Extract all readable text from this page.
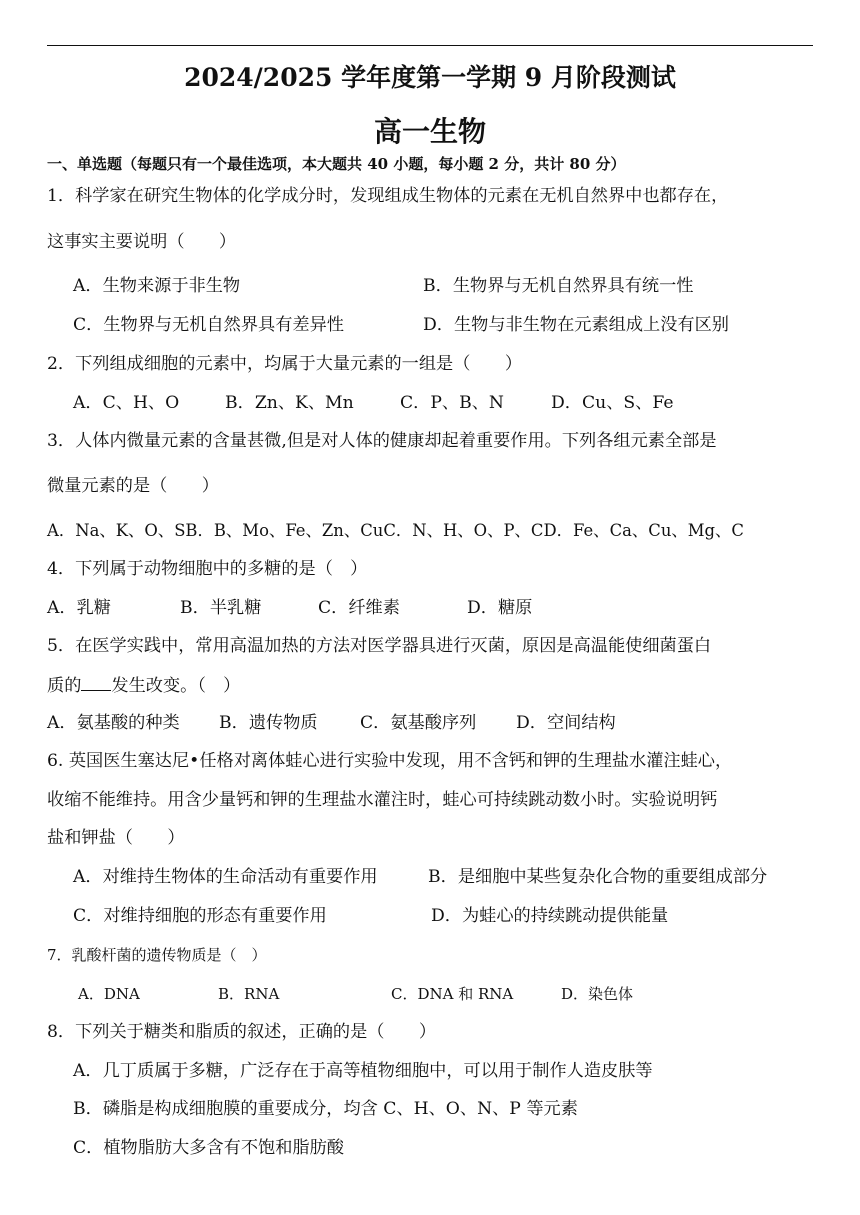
2024/2025 学年度第一学期 9 月阶段测试
高一生物
一、单选题（每题只有一个最佳选项，本大题共 40 小题，每小题 2 分，共计 80 分）
1．科学家在研究生物体的化学成分时，发现组成生物体的元素在无机自然界中也都存在，
这事实主要说明（　　）
A．生物来源于非生物	B．生物界与无机自然界具有统一性
C．生物界与无机自然界具有差异性	D．生物与非生物在元素组成上没有区别
2．下列组成细胞的元素中，均属于大量元素的一组是（　　）
A．C、H、O	B．Zn、K、Mn	C．P、B、N	D．Cu、S、Fe
3．人体内微量元素的含量甚微,但是对人体的健康却起着重要作用。下列各组元素全部是
微量元素的是（　　）
A．Na、K、O、SB．B、Mo、Fe、Zn、CuC．N、H、O、P、CD．Fe、Ca、Cu、Mg、C
4．下列属于动物细胞中的多糖的是（　）
A．乳糖	B．半乳糖	C．纤维素	D．糖原
5．在医学实践中，常用高温加热的方法对医学器具进行灭菌，原因是高温能使细菌蛋白
质的 发生改变。（　）
A．氨基酸的种类 B．遗传物质 C．氨基酸序列 D．空间结构
6. 英国医生塞达尼•任格对离体蛙心进行实验中发现，用不含钙和钾的生理盐水灌注蛙心，
收缩不能维持。用含少量钙和钾的生理盐水灌注时，蛙心可持续跳动数小时。实验说明钙
盐和钾盐（　　）
A．对维持生物体的生命活动有重要作用	B．是细胞中某些复杂化合物的重要组成部分
C．对维持细胞的形态有重要作用	D．为蛙心的持续跳动提供能量
7．乳酸杆菌的遗传物质是（　）
A．DNA	B．RNA	C．DNA 和 RNA	D．染色体
8．下列关于糖类和脂质的叙述，正确的是（　　）
A．几丁质属于多糖，广泛存在于高等植物细胞中，可以用于制作人造皮肤等
B．磷脂是构成细胞膜的重要成分，均含 C、H、O、N、P 等元素
C．植物脂肪大多含有不饱和脂肪酸
